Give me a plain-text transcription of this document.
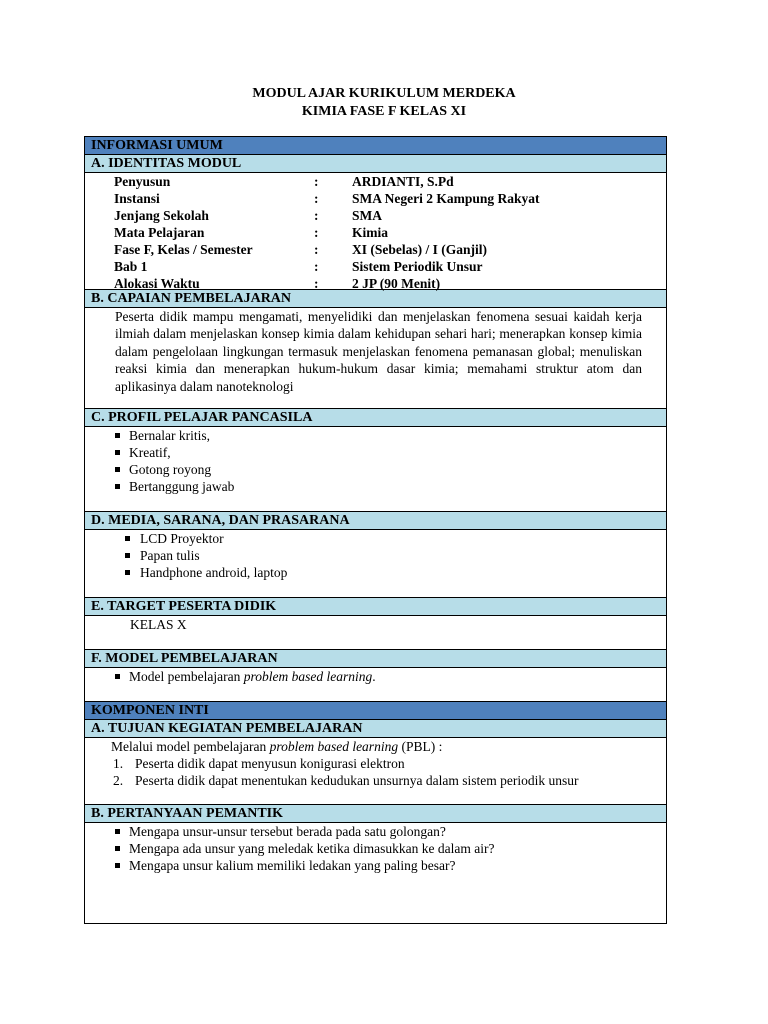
MODUL AJAR KURIKULUM MERDEKA
KIMIA FASE F KELAS XI
INFORMASI UMUM
A. IDENTITAS MODUL
Penyusun	: ARDIANTI, S.Pd
Instansi	: SMA Negeri 2 Kampung Rakyat
Jenjang Sekolah	: SMA
Mata Pelajaran	: Kimia
Fase F, Kelas / Semester	: XI (Sebelas) / I (Ganjil)
Bab 1	: Sistem Periodik Unsur
Alokasi Waktu	: 2 JP (90 Menit)
B. CAPAIAN PEMBELAJARAN
Peserta didik mampu mengamati, menyelidiki dan menjelaskan fenomena sesuai kaidah kerja ilmiah dalam menjelaskan konsep kimia dalam kehidupan sehari hari; menerapkan konsep kimia dalam pengelolaan lingkungan termasuk menjelaskan fenomena pemanasan global; menuliskan reaksi kimia dan menerapkan hukum-hukum dasar kimia; memahami struktur atom dan aplikasinya dalam nanoteknologi
C. PROFIL PELAJAR PANCASILA
Bernalar kritis,
Kreatif,
Gotong royong
Bertanggung jawab
D. MEDIA, SARANA, DAN PRASARANA
LCD Proyektor
Papan tulis
Handphone android, laptop
E. TARGET PESERTA DIDIK
KELAS X
F. MODEL PEMBELAJARAN
Model pembelajaran problem based learning.
KOMPONEN INTI
A. TUJUAN KEGIATAN PEMBELAJARAN
Melalui model pembelajaran problem based learning (PBL) :
1. Peserta didik dapat menyusun konigurasi elektron
2. Peserta didik dapat menentukan kedudukan unsurnya dalam sistem periodik unsur
B. PERTANYAAN PEMANTIK
Mengapa unsur-unsur tersebut berada pada satu golongan?
Mengapa ada unsur yang meledak ketika dimasukkan ke dalam air?
Mengapa unsur kalium memiliki ledakan yang paling besar?
